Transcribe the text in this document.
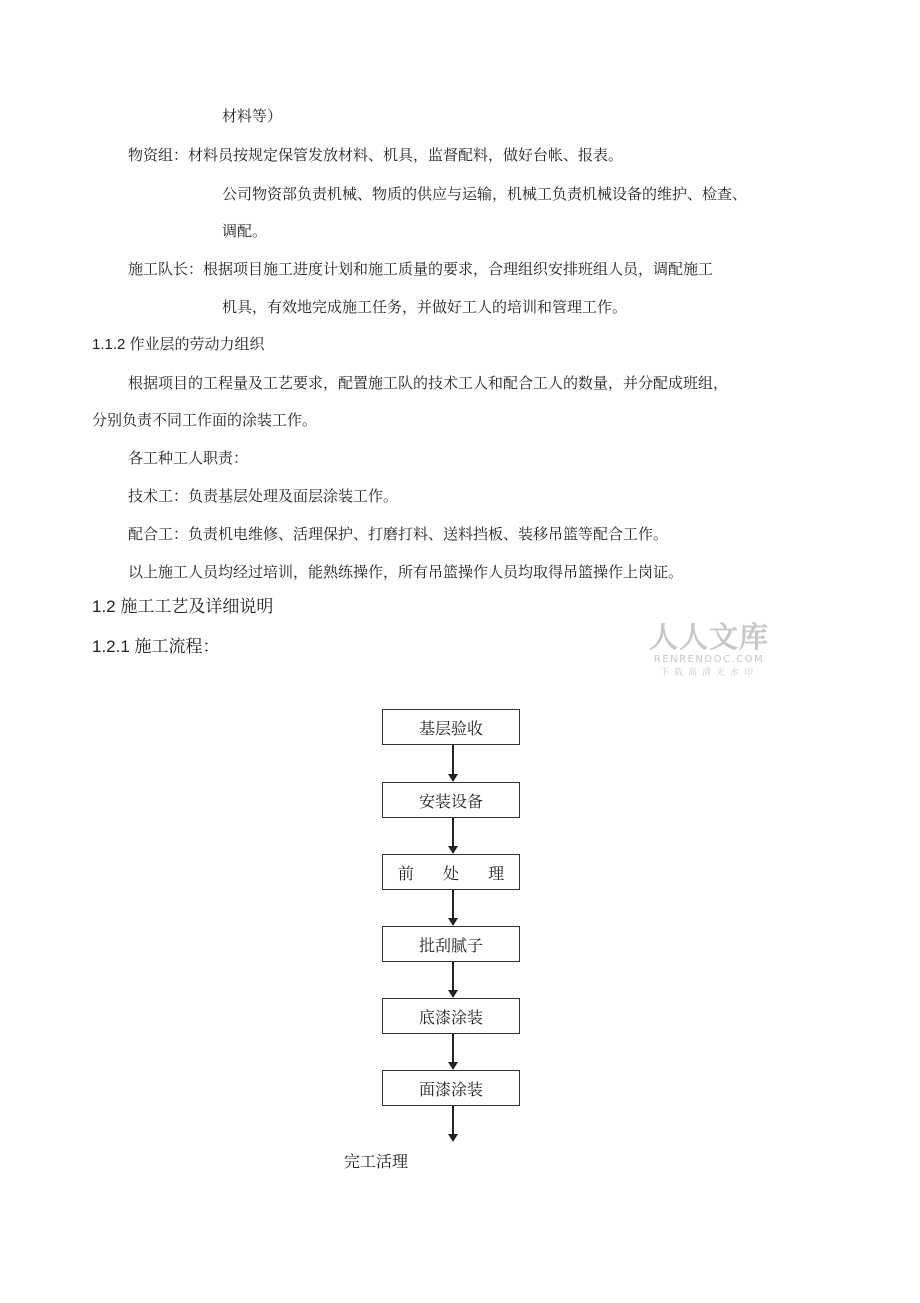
材料等）
物资组：材料员按规定保管发放材料、机具，监督配料，做好台帐、报表。
公司物资部负责机械、物质的供应与运输，机械工负责机械设备的维护、检查、
调配。
施工队长：根据项目施工进度计划和施工质量的要求，合理组织安排班组人员，调配施工
机具，有效地完成施工任务，并做好工人的培训和管理工作。
1.1.2 作业层的劳动力组织
根据项目的工程量及工艺要求，配置施工队的技术工人和配合工人的数量，并分配成班组，
分别负责不同工作面的涂装工作。
各工种工人职责：
技术工：负责基层处理及面层涂装工作。
配合工：负责机电维修、活理保护、打磨打料、送料挡板、装移吊篮等配合工作。
以上施工人员均经过培训，能熟练操作，所有吊篮操作人员均取得吊篮操作上岗证。
1.2 施工工艺及详细说明
1.2.1 施工流程：	人人文库
RENRENDOC.COM
下载高清无水印
基层验收
安装设备
前 处 理
批刮腻子
底漆涂装
面漆涂装
完工活理
